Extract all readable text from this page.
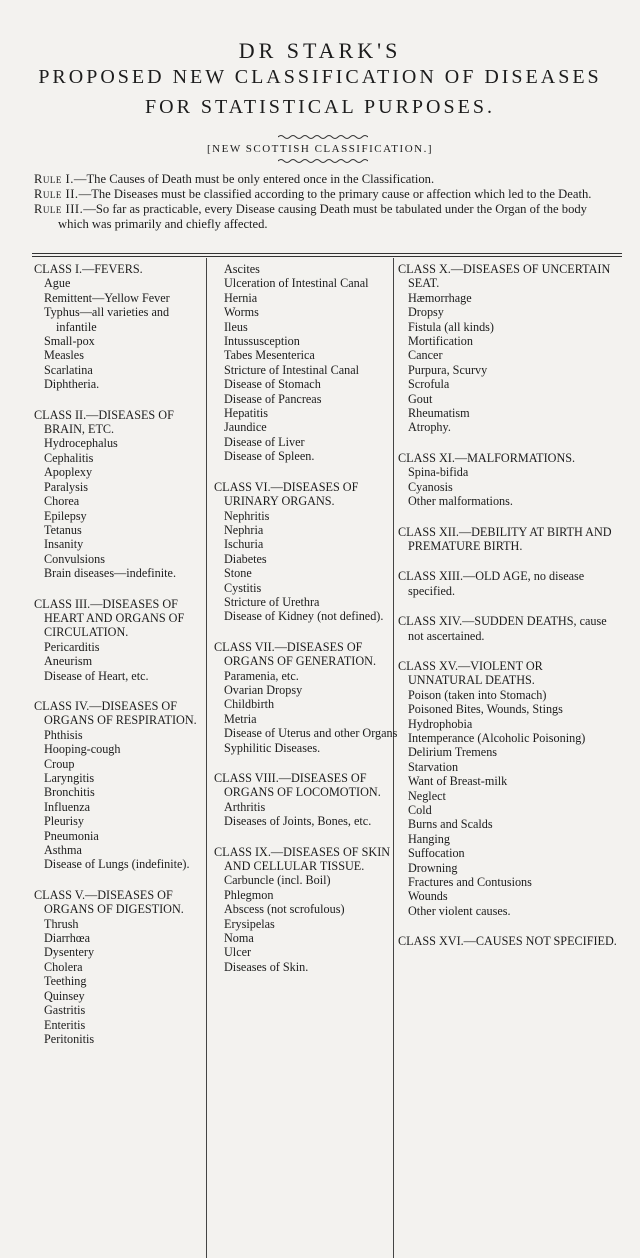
DR STARK'S
PROPOSED NEW CLASSIFICATION OF DISEASES
FOR STATISTICAL PURPOSES.
[NEW SCOTTISH CLASSIFICATION.]

Rule I.—The Causes of Death must be only entered once in the Classification.

Rule II.—The Diseases must be classified according to the primary cause or affection which led to the Death.

Rule III.—So far as practicable, every Disease causing Death must be tabulated under the Organ of the body which was primarily and chiefly affected.

CLASS I.—FEVERS.

Ague
Remittent—Yellow Fever
Typhus—all varieties and infantile
Small-pox
Measles
Scarlatina
Diphtheria.

CLASS II.—DISEASES OF BRAIN, ETC.

Hydrocephalus
Cephalitis
Apoplexy
Paralysis
Chorea
Epilepsy
Tetanus
Insanity
Convulsions
Brain diseases—indefinite.

CLASS III.—DISEASES OF HEART AND ORGANS OF CIRCULATION.

Pericarditis
Aneurism
Disease of Heart, etc.

CLASS IV.—DISEASES OF ORGANS OF RESPIRATION.

Phthisis
Hooping-cough
Croup
Laryngitis
Bronchitis
Influenza
Pleurisy
Pneumonia
Asthma
Disease of Lungs (indefinite).

CLASS V.—DISEASES OF ORGANS OF DIGESTION.

Thrush
Diarrhœa
Dysentery
Cholera
Teething
Quinsey
Gastritis
Enteritis
Peritonitis
Ascites
Ulceration of Intestinal Canal
Hernia
Worms
Ileus
Intussusception
Tabes Mesenterica
Stricture of Intestinal Canal
Disease of Stomach
Disease of Pancreas
Hepatitis
Jaundice
Disease of Liver
Disease of Spleen.

CLASS VI.—DISEASES OF URINARY ORGANS.

Nephritis
Nephria
Ischuria
Diabetes
Stone
Cystitis
Stricture of Urethra
Disease of Kidney (not defined).

CLASS VII.—DISEASES OF ORGANS OF GENERATION.

Paramenia, etc.
Ovarian Dropsy
Childbirth
Metria
Disease of Uterus and other Organs
Syphilitic Diseases.

CLASS VIII.—DISEASES OF ORGANS OF LOCOMOTION.

Arthritis
Diseases of Joints, Bones, etc.

CLASS IX.—DISEASES OF SKIN AND CELLULAR TISSUE.

Carbuncle (incl. Boil)
Phlegmon
Abscess (not scrofulous)
Erysipelas
Noma
Ulcer
Diseases of Skin.

CLASS X.—DISEASES OF UNCERTAIN SEAT.

Hæmorrhage
Dropsy
Fistula (all kinds)
Mortification
Cancer
Purpura, Scurvy
Scrofula
Gout
Rheumatism
Atrophy.

CLASS XI.—MALFORMATIONS.

Spina-bifida
Cyanosis
Other malformations.

CLASS XII.—DEBILITY AT BIRTH AND PREMATURE BIRTH.

CLASS XIII.—OLD AGE, no disease specified.

CLASS XIV.—SUDDEN DEATHS, cause not ascertained.

CLASS XV.—VIOLENT OR UNNATURAL DEATHS.

Poison (taken into Stomach)
Poisoned Bites, Wounds, Stings
Hydrophobia
Intemperance (Alcoholic Poisoning)
Delirium Tremens
Starvation
Want of Breast-milk
Neglect
Cold
Burns and Scalds
Hanging
Suffocation
Drowning
Fractures and Contusions
Wounds
Other violent causes.

CLASS XVI.—CAUSES NOT SPECIFIED.
